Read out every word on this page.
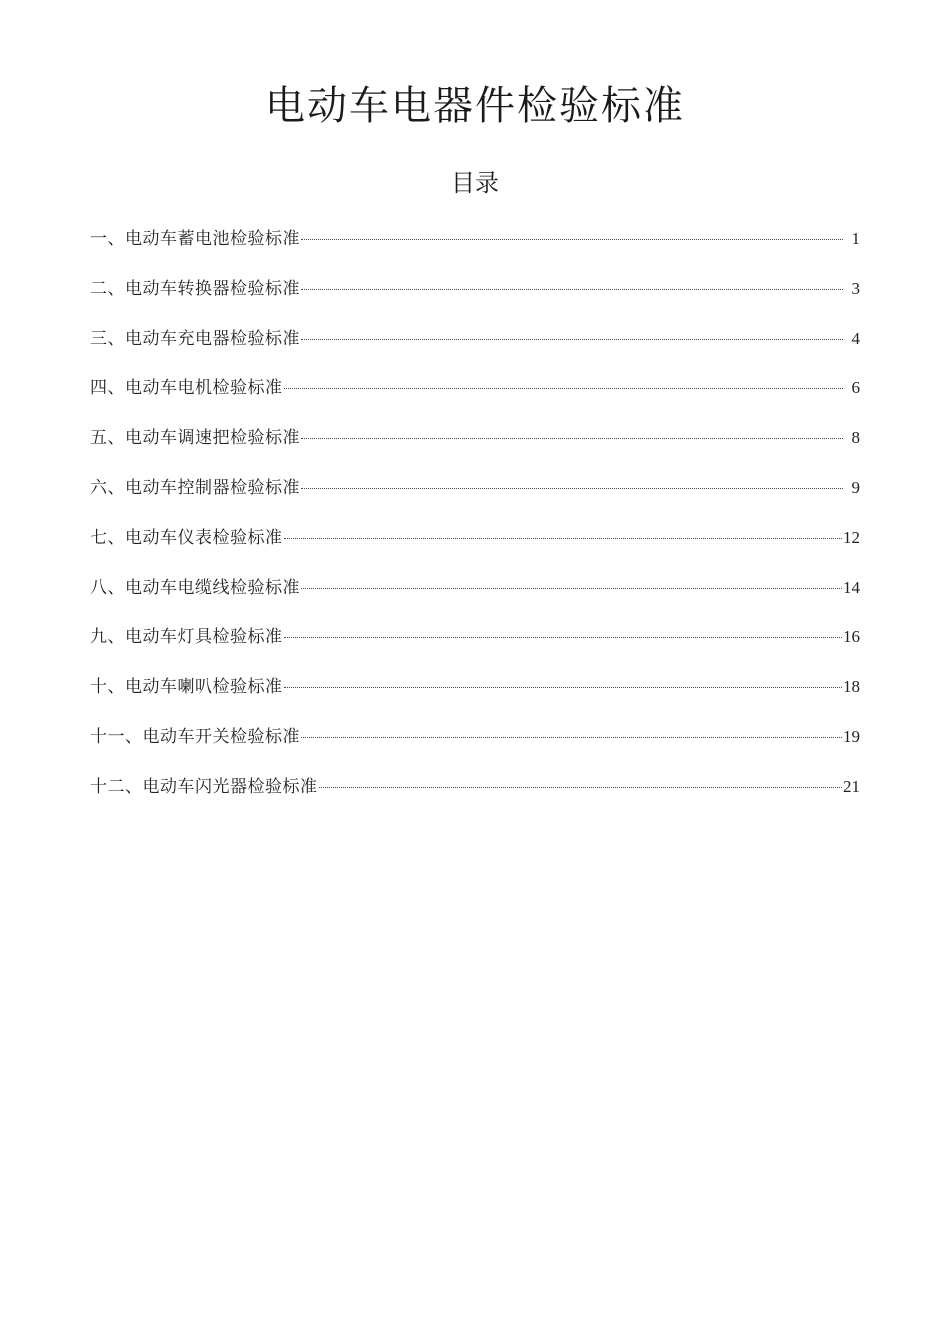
电动车电器件检验标准
目录
一、电动车蓄电池检验标准	1
二、电动车转换器检验标准	3
三、电动车充电器检验标准	4
四、电动车电机检验标准	6
五、电动车调速把检验标准	8
六、电动车控制器检验标准	9
七、电动车仪表检验标准	12
八、电动车电缆线检验标准	14
九、电动车灯具检验标准	16
十、电动车喇叭检验标准	18
十一、电动车开关检验标准	19
十二、电动车闪光器检验标准	21
